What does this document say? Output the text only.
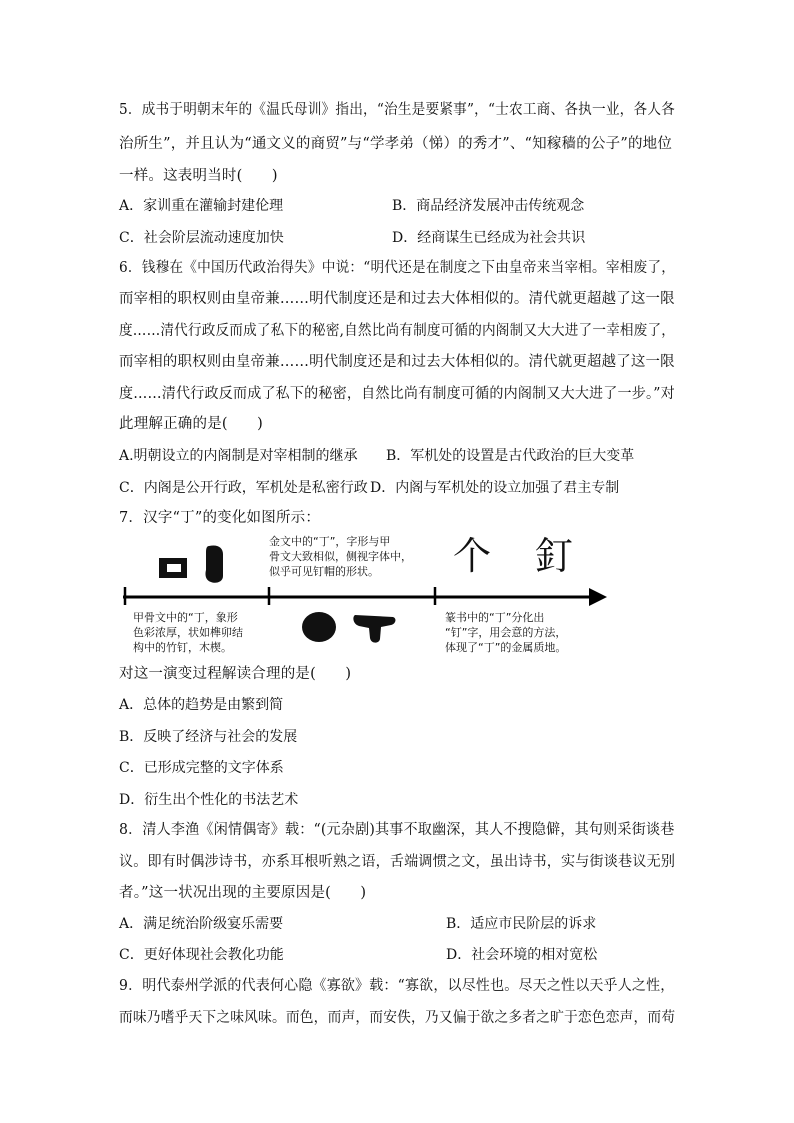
5．成书于明朝末年的《温氏母训》指出，“治生是要紧事”，“士农工商、各执一业，各人各
治所生”，并且认为“通文义的商贸”与“学孝弟（悌）的秀才”、“知稼穑的公子”的地位
一样。这表明当时(　　)
A．家训重在灌输封建伦理	B．商品经济发展冲击传统观念
C．社会阶层流动速度加快	D．经商谋生已经成为社会共识
6．钱穆在《中国历代政治得失》中说：“明代还是在制度之下由皇帝来当宰相。宰相废了，
而宰相的职权则由皇帝兼……明代制度还是和过去大体相似的。清代就更超越了这一限
度……清代行政反而成了私下的秘密,自然比尚有制度可循的内阁制又大大进了一幸相废了，
而宰相的职权则由皇帝兼……明代制度还是和过去大体相似的。清代就更超越了这一限
度……清代行政反而成了私下的秘密，自然比尚有制度可循的内阁制又大大进了一步。”对
此理解正确的是(　　)
A.明朝设立的内阁制是对宰相制的继承 B．军机处的设置是古代政治的巨大变革
C．内阁是公开行政，军机处是私密行政 D．内阁与军机处的设立加强了君主专制
7．汉字“丁”的变化如图所示：
个 釘
金文中的“丁”，字形与甲
骨文大致相似，侧视字体中，
似乎可见钉帽的形状。
甲骨文中的“丁，象形
色彩浓厚，状如榫卯结
构中的竹钉，木楔。
篆书中的“丁”分化出
“钉”字，用会意的方法，
体现了“丁”的金属质地。
对这一演变过程解读合理的是(　　)
A．总体的趋势是由繁到简
B．反映了经济与社会的发展
C．已形成完整的文字体系
D．衍生出个性化的书法艺术
8．清人李渔《闲情偶寄》载：“(元杂剧)其事不取幽深，其人不搜隐僻，其句则采街谈巷
议。即有时偶涉诗书，亦系耳根听熟之语，舌端调惯之文，虽出诗书，实与街谈巷议无别
者。”这一状况出现的主要原因是(　　)
A．满足统治阶级宴乐需要	B．适应市民阶层的诉求
C．更好体现社会教化功能	D．社会环境的相对宽松
9．明代泰州学派的代表何心隐《寡欲》载：“寡欲，以尽性也。尽天之性以天乎人之性，
而味乃嗜乎天下之味风味。而色，而声，而安佚，乃又偏于欲之多者之旷于恋色恋声，而苟
